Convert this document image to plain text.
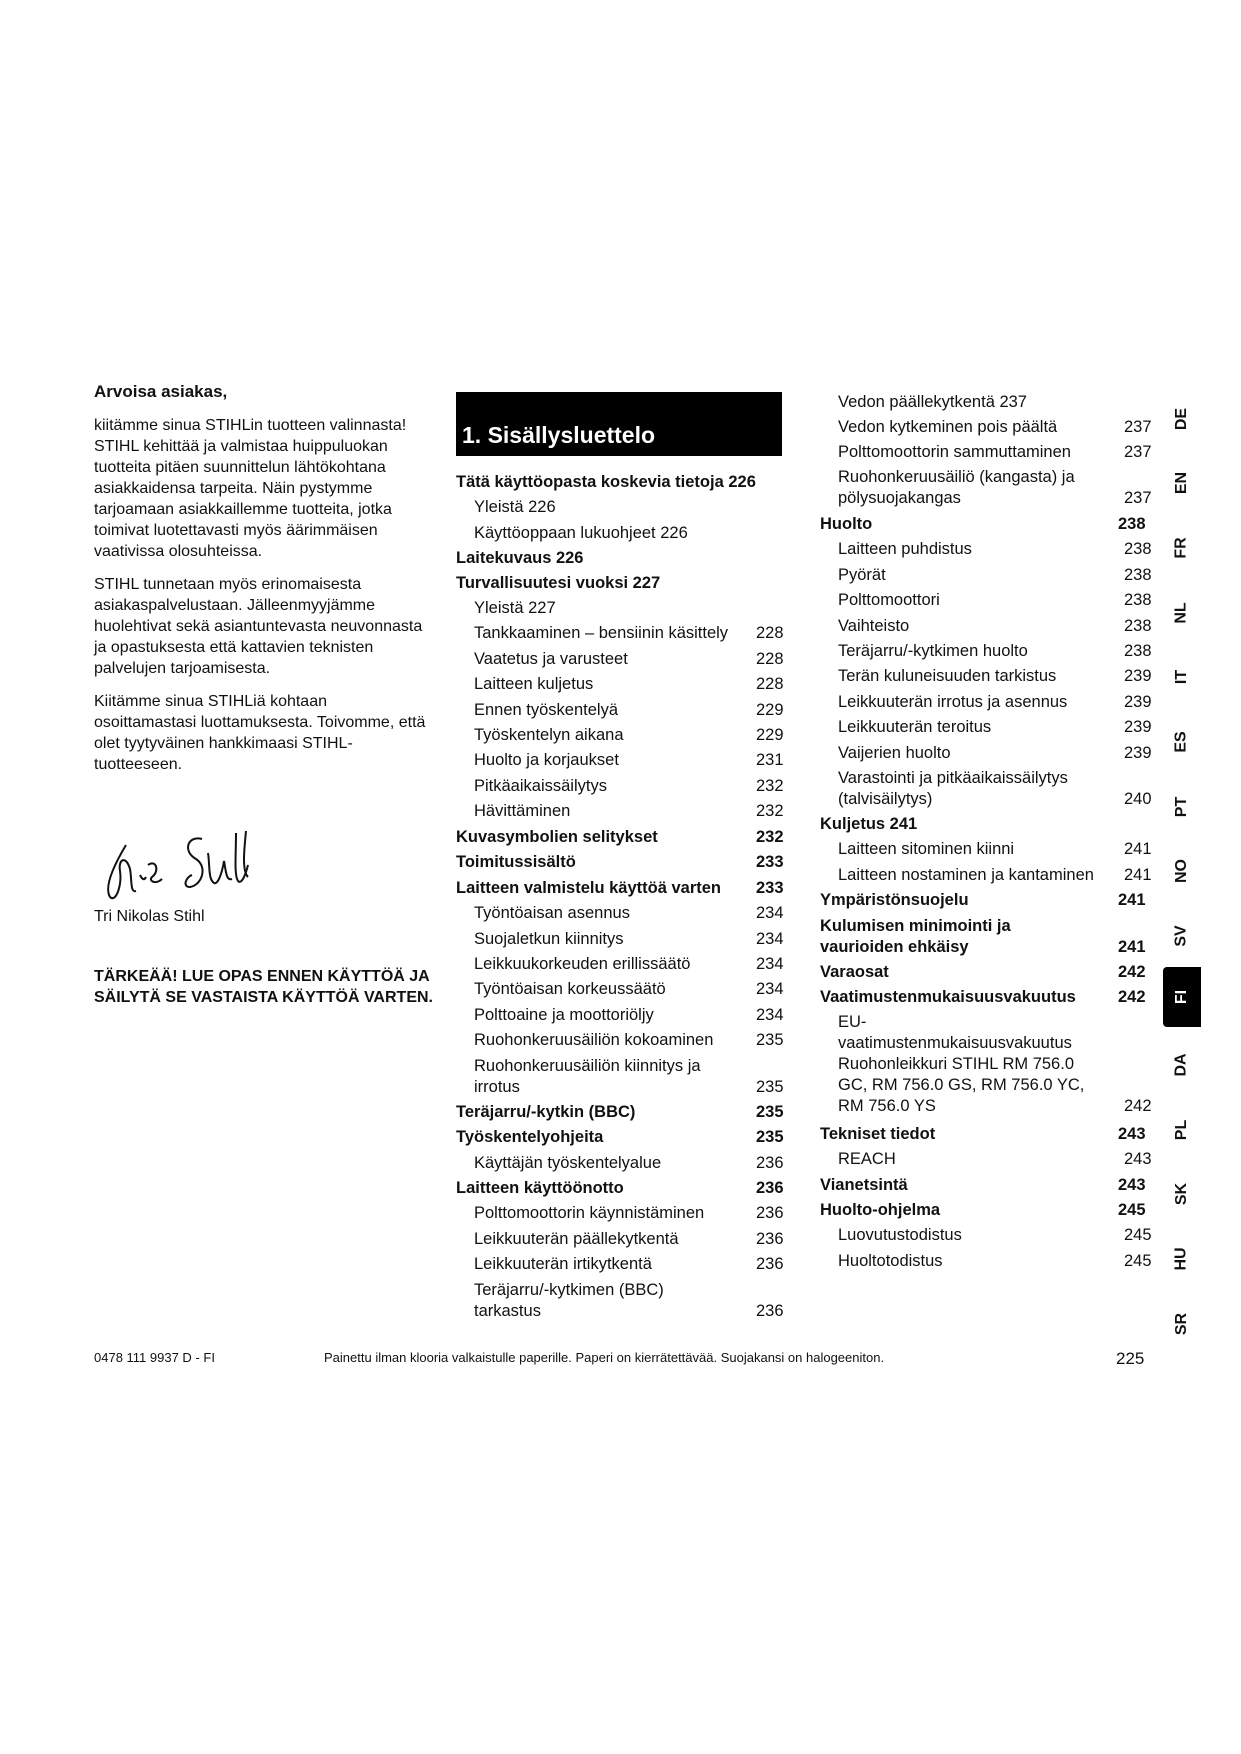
Arvoisa asiakas,

kiitämme sinua STIHLin tuotteen valinnasta! STIHL kehittää ja valmistaa huippuluokan tuotteita pitäen suunnittelun lähtökohtana asiakkaidensa tarpeita. Näin pystymme tarjoamaan asiakkaillemme tuotteita, jotka toimivat luotettavasti myös äärimmäisen vaativissa olosuhteissa.

STIHL tunnetaan myös erinomaisesta asiakaspalvelustaan. Jälleenmyyjämme huolehtivat sekä asiantuntevasta neuvonnasta ja opastuksesta että kattavien teknisten palvelujen tarjoamisesta.

Kiitämme sinua STIHLiä kohtaan osoittamastasi luottamuksesta. Toivomme, että olet tyytyväinen hankkimaasi STIHL-tuotteeseen.

Tri Nikolas Stihl
TÄRKEÄÄ! LUE OPAS ENNEN KÄYTTÖÄ JA SÄILYTÄ SE VASTAISTA KÄYTTÖÄ VARTEN.
1. Sisällysluettelo
Tätä käyttöopasta koskevia tietoja 226
Yleistä 226
Käyttöoppaan lukuohjeet 226
Laitekuvaus 226
Turvallisuutesi vuoksi 227
Yleistä 227
Tankkaaminen – bensiinin käsittely	228
Vaatetus ja varusteet	228
Laitteen kuljetus	228
Ennen työskentelyä	229
Työskentelyn aikana	229
Huolto ja korjaukset	231
Pitkäaikaissäilytys	232
Hävittäminen	232
Kuvasymbolien selitykset	232
Toimitussisältö	233
Laitteen valmistelu käyttöä varten	233
Työntöaisan asennus	234
Suojaletkun kiinnitys	234
Leikkuukorkeuden erillissäätö	234
Työntöaisan korkeussäätö	234
Polttoaine ja moottoriöljy	234
Ruohonkeruusäiliön kokoaminen	235
Ruohonkeruusäiliön kiinnitys ja irrotus	235
Teräjarru/-kytkin (BBC)	235
Työskentelyohjeita	235
Käyttäjän työskentelyalue	236
Laitteen käyttöönotto	236
Polttomoottorin käynnistäminen	236
Leikkuuterän päällekytkentä	236
Leikkuuterän irtikytkentä	236
Teräjarru/-kytkimen (BBC) tarkastus	236
Vedon päällekytkentä 237
Vedon kytkeminen pois päältä	237
Polttomoottorin sammuttaminen	237
Ruohonkeruusäiliö (kangasta) ja pölysuojakangas	237
Huolto	238
Laitteen puhdistus	238
Pyörät	238
Polttomoottori	238
Vaihteisto	238
Teräjarru/-kytkimen huolto	238
Terän kuluneisuuden tarkistus	239
Leikkuuterän irrotus ja asennus	239
Leikkuuterän teroitus	239
Vaijerien huolto	239
Varastointi ja pitkäaikaissäilytys (talvisäilytys)	240
Kuljetus 241
Laitteen sitominen kiinni	241
Laitteen nostaminen ja kantaminen	241
Ympäristönsuojelu	241
Kulumisen minimointi ja vaurioiden ehkäisy	241
Varaosat	242
Vaatimustenmukaisuusvakuutus	242
EU-vaatimustenmukaisuusvakuutus Ruohonleikkuri STIHL RM 756.0 GC, RM 756.0 GS, RM 756.0 YC, RM 756.0 YS	242
Tekniset tiedot	243
REACH	243
Vianetsintä	243
Huolto-ohjelma	245
Luovutustodistus	245
Huoltotodistus	245
DE
EN
FR
NL
IT
ES
PT
NO
SV
FI
DA
PL
SK
HU
SR
0478 111 9937 D - FI	Painettu ilman klooria valkaistulle paperille. Paperi on kierrätettävää. Suojakansi on halogeeniton.	225
